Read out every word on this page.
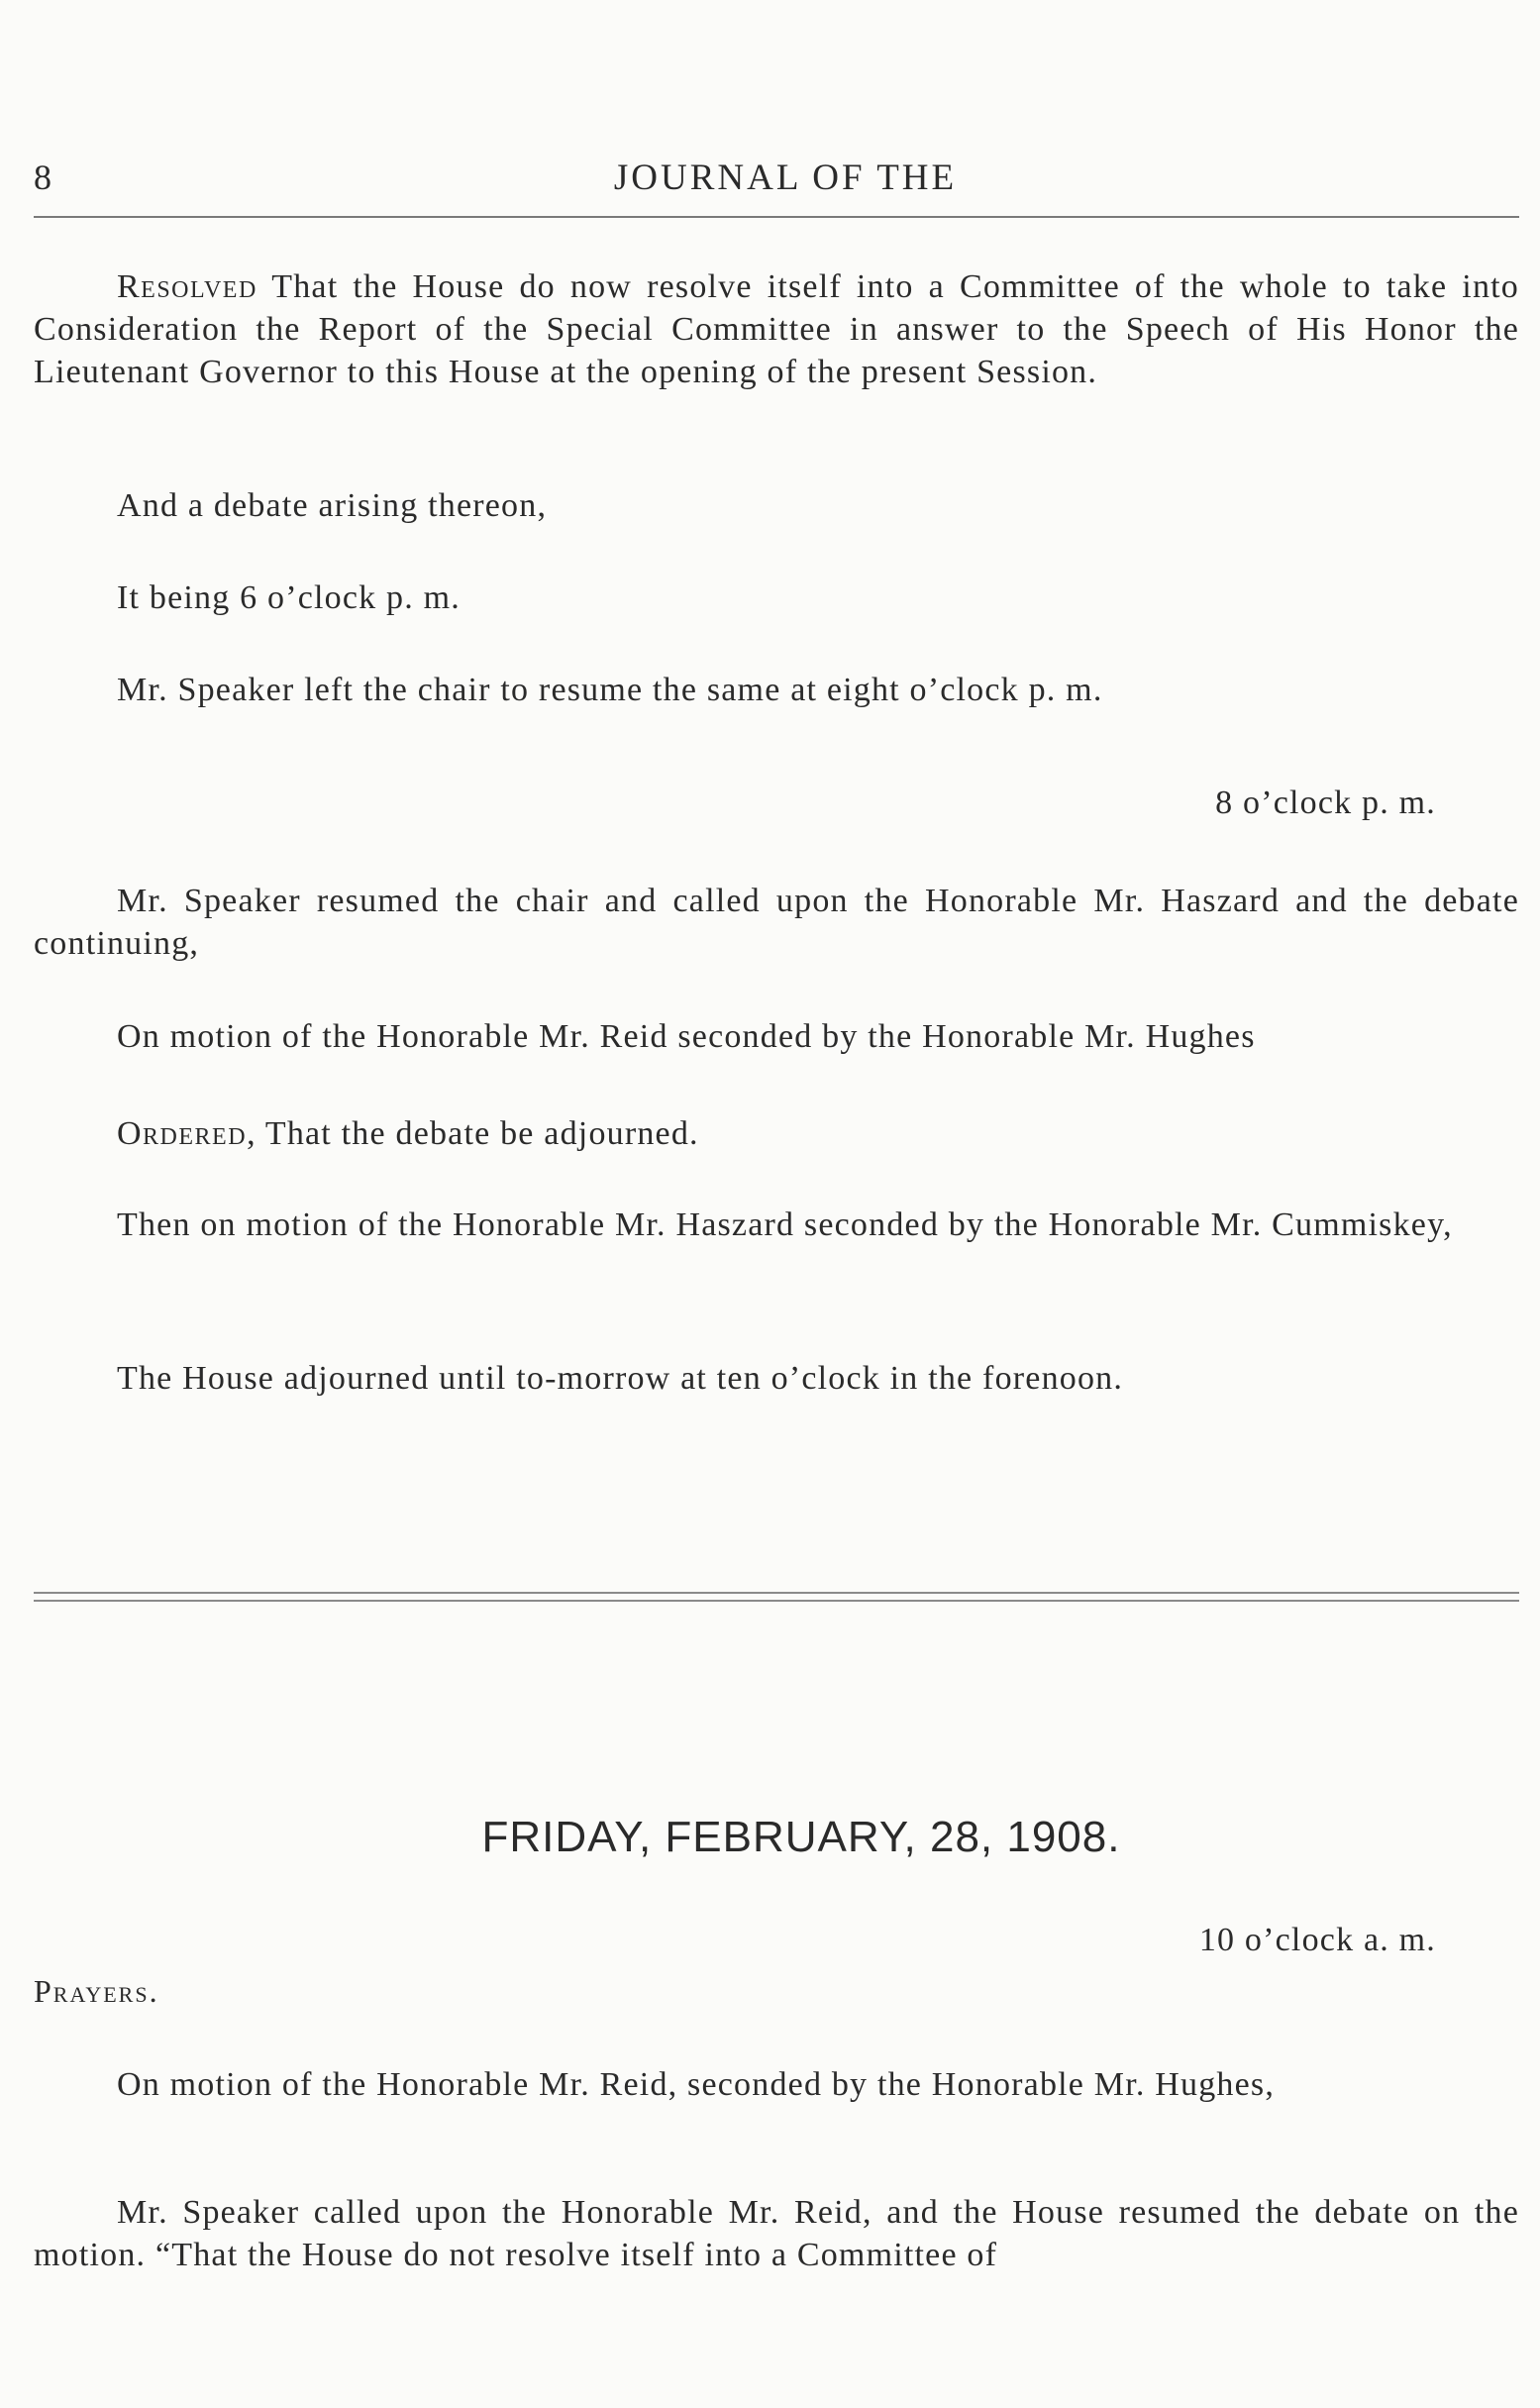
8	JOURNAL OF THE
Resolved That the House do now resolve itself into a Committee of the whole to take into Consideration the Report of the Special Committee in answer to the Speech of His Honor the Lieutenant Governor to this House at the opening of the present Session.
And a debate arising thereon,
It being 6 o’clock p. m.
Mr. Speaker left the chair to resume the same at eight o’clock p. m.
8 o’clock p. m.
Mr. Speaker resumed the chair and called upon the Honorable Mr. Haszard and the debate continuing,
On motion of the Honorable Mr. Reid seconded by the Honorable Mr. Hughes
Ordered, That the debate be adjourned.
Then on motion of the Honorable Mr. Haszard seconded by the Honorable Mr. Cummiskey,
The House adjourned until to-morrow at ten o’clock in the forenoon.
FRIDAY, FEBRUARY, 28, 1908.
10 o’clock a. m.
Prayers.
On motion of the Honorable Mr. Reid, seconded by the Honorable Mr. Hughes,
Mr. Speaker called upon the Honorable Mr. Reid, and the House resumed the debate on the motion. “That the House do not resolve itself into a Committee of
